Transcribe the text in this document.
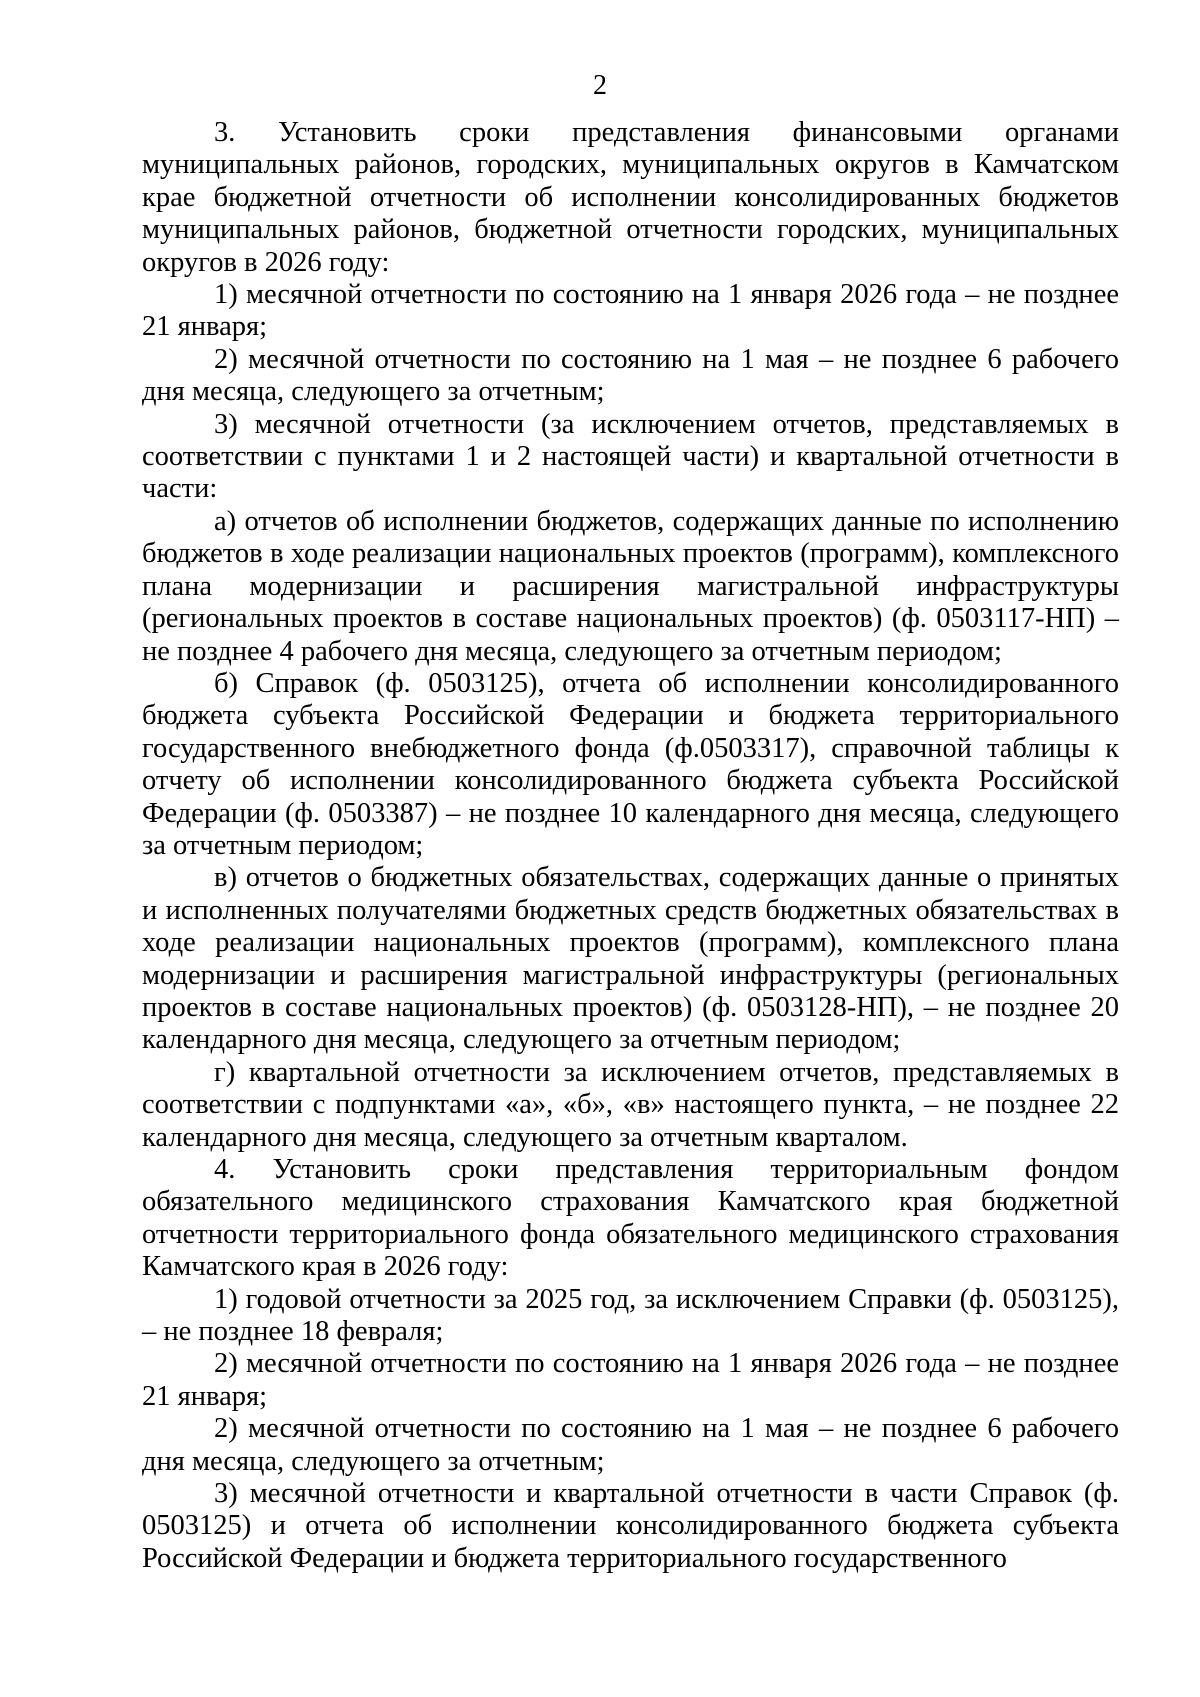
2

3. Установить сроки представления финансовыми органами муниципальных районов, городских, муниципальных округов в Камчатском крае бюджетной отчетности об исполнении консолидированных бюджетов муниципальных районов, бюджетной отчетности городских, муниципальных округов в 2026 году:

1) месячной отчетности по состоянию на 1 января 2026 года – не позднее 21 января;

2) месячной отчетности по состоянию на 1 мая – не позднее 6 рабочего дня месяца, следующего за отчетным;

3) месячной отчетности (за исключением отчетов, представляемых в соответствии с пунктами 1 и 2 настоящей части) и квартальной отчетности в части:

а) отчетов об исполнении бюджетов, содержащих данные по исполнению бюджетов в ходе реализации национальных проектов (программ), комплексного плана модернизации и расширения магистральной инфраструктуры (региональных проектов в составе национальных проектов) (ф. 0503117-НП) – не позднее 4 рабочего дня месяца, следующего за отчетным периодом;

б) Справок (ф. 0503125), отчета об исполнении консолидированного бюджета субъекта Российской Федерации и бюджета территориального государственного внебюджетного фонда (ф.0503317), справочной таблицы к отчету об исполнении консолидированного бюджета субъекта Российской Федерации (ф. 0503387) – не позднее 10 календарного дня месяца, следующего за отчетным периодом;

в) отчетов о бюджетных обязательствах, содержащих данные о принятых и исполненных получателями бюджетных средств бюджетных обязательствах в ходе реализации национальных проектов (программ), комплексного плана модернизации и расширения магистральной инфраструктуры (региональных проектов в составе национальных проектов) (ф. 0503128-НП), – не позднее 20 календарного дня месяца, следующего за отчетным периодом;

г) квартальной отчетности за исключением отчетов, представляемых в соответствии с подпунктами «а», «б», «в» настоящего пункта, – не позднее 22 календарного дня месяца, следующего за отчетным кварталом.

4. Установить сроки представления территориальным фондом обязательного медицинского страхования Камчатского края бюджетной отчетности территориального фонда обязательного медицинского страхования Камчатского края в 2026 году:

1) годовой отчетности за 2025 год, за исключением Справки (ф. 0503125), – не позднее 18 февраля;

2) месячной отчетности по состоянию на 1 января 2026 года – не позднее 21 января;

2) месячной отчетности по состоянию на 1 мая – не позднее 6 рабочего дня месяца, следующего за отчетным;

3) месячной отчетности и квартальной отчетности в части Справок (ф. 0503125) и отчета об исполнении консолидированного бюджета субъекта Российской Федерации и бюджета территориального государственного
